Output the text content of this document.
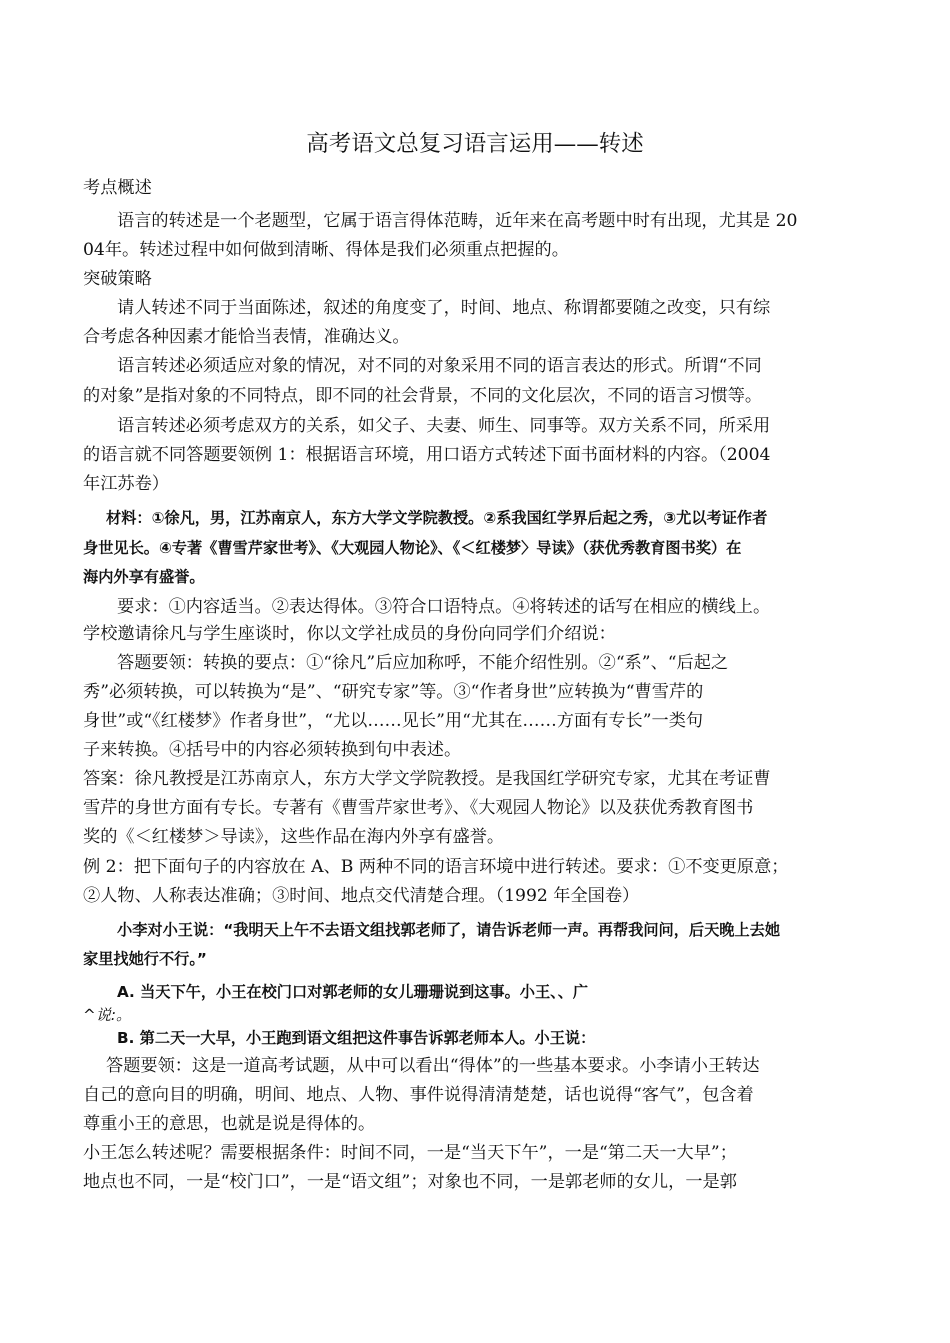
高考语文总复习语言运用——转述
考点概述
语言的转述是一个老题型，它属于语言得体范畴，近年来在高考题中时有出现，尤其是 20
04年。转述过程中如何做到清晰、得体是我们必须重点把握的。
突破策略
请人转述不同于当面陈述，叙述的角度变了，时间、地点、称谓都要随之改变，只有综
合考虑各种因素才能恰当表情，准确达义。
语言转述必须适应对象的情况，对不同的对象采用不同的语言表达的形式。所谓“不同
的对象”是指对象的不同特点，即不同的社会背景，不同的文化层次，不同的语言习惯等。
语言转述必须考虑双方的关系，如父子、夫妻、师生、同事等。双方关系不同，所采用
的语言就不同答题要领例 1：根据语言环境，用口语方式转述下面书面材料的内容。（2004
年江苏卷）
材料：①徐凡，男，江苏南京人，东方大学文学院教授。②系我国红学界后起之秀，③尤以考证作者
身世见长。④专著《曹雪芹家世考》、《大观园人物论》、《＜红楼梦〉导读》（获优秀教育图书奖）在
海内外享有盛誉。
要求：①内容适当。②表达得体。③符合口语特点。④将转述的话写在相应的横线上。
学校邀请徐凡与学生座谈时，你以文学社成员的身份向同学们介绍说：
答题要领：转换的要点：①“徐凡”后应加称呼，不能介绍性别。②“系”、“后起之
秀”必须转换，可以转换为“是”、“研究专家”等。③“作者身世”应转换为“曹雪芹的
身世”或“《红楼梦》作者身世”，“尤以……见长”用“尤其在……方面有专长”一类句
子来转换。④括号中的内容必须转换到句中表述。
答案：徐凡教授是江苏南京人，东方大学文学院教授。是我国红学研究专家，尤其在考证曹
雪芹的身世方面有专长。专著有《曹雪芹家世考》、《大观园人物论》以及获优秀教育图书
奖的《＜红楼梦＞导读》，这些作品在海内外享有盛誉。
例 2：把下面句子的内容放在 A、B 两种不同的语言环境中进行转述。要求：①不变更原意；
②人物、人称表达准确；③时间、地点交代清楚合理。（1992 年全国卷）
小李对小王说：“我明天上午不去语文组找郭老师了，请告诉老师一声。再帮我问问，后天晚上去她
家里找她行不行。”
A. 当天下午，小王在校门口对郭老师的女儿珊珊说到这事。小王、、广
^说:。
B. 第二天一大早，小王跑到语文组把这件事告诉郭老师本人。小王说：
答题要领：这是一道高考试题，从中可以看出“得体”的一些基本要求。小李请小王转达
自己的意向目的明确，明间、地点、人物、事件说得清清楚楚，话也说得“客气”，包含着
尊重小王的意思，也就是说是得体的。
小王怎么转述呢？需要根据条件：时间不同，一是“当天下午”，一是“第二天一大早”；
地点也不同，一是“校门口”，一是“语文组”；对象也不同，一是郭老师的女儿，一是郭
